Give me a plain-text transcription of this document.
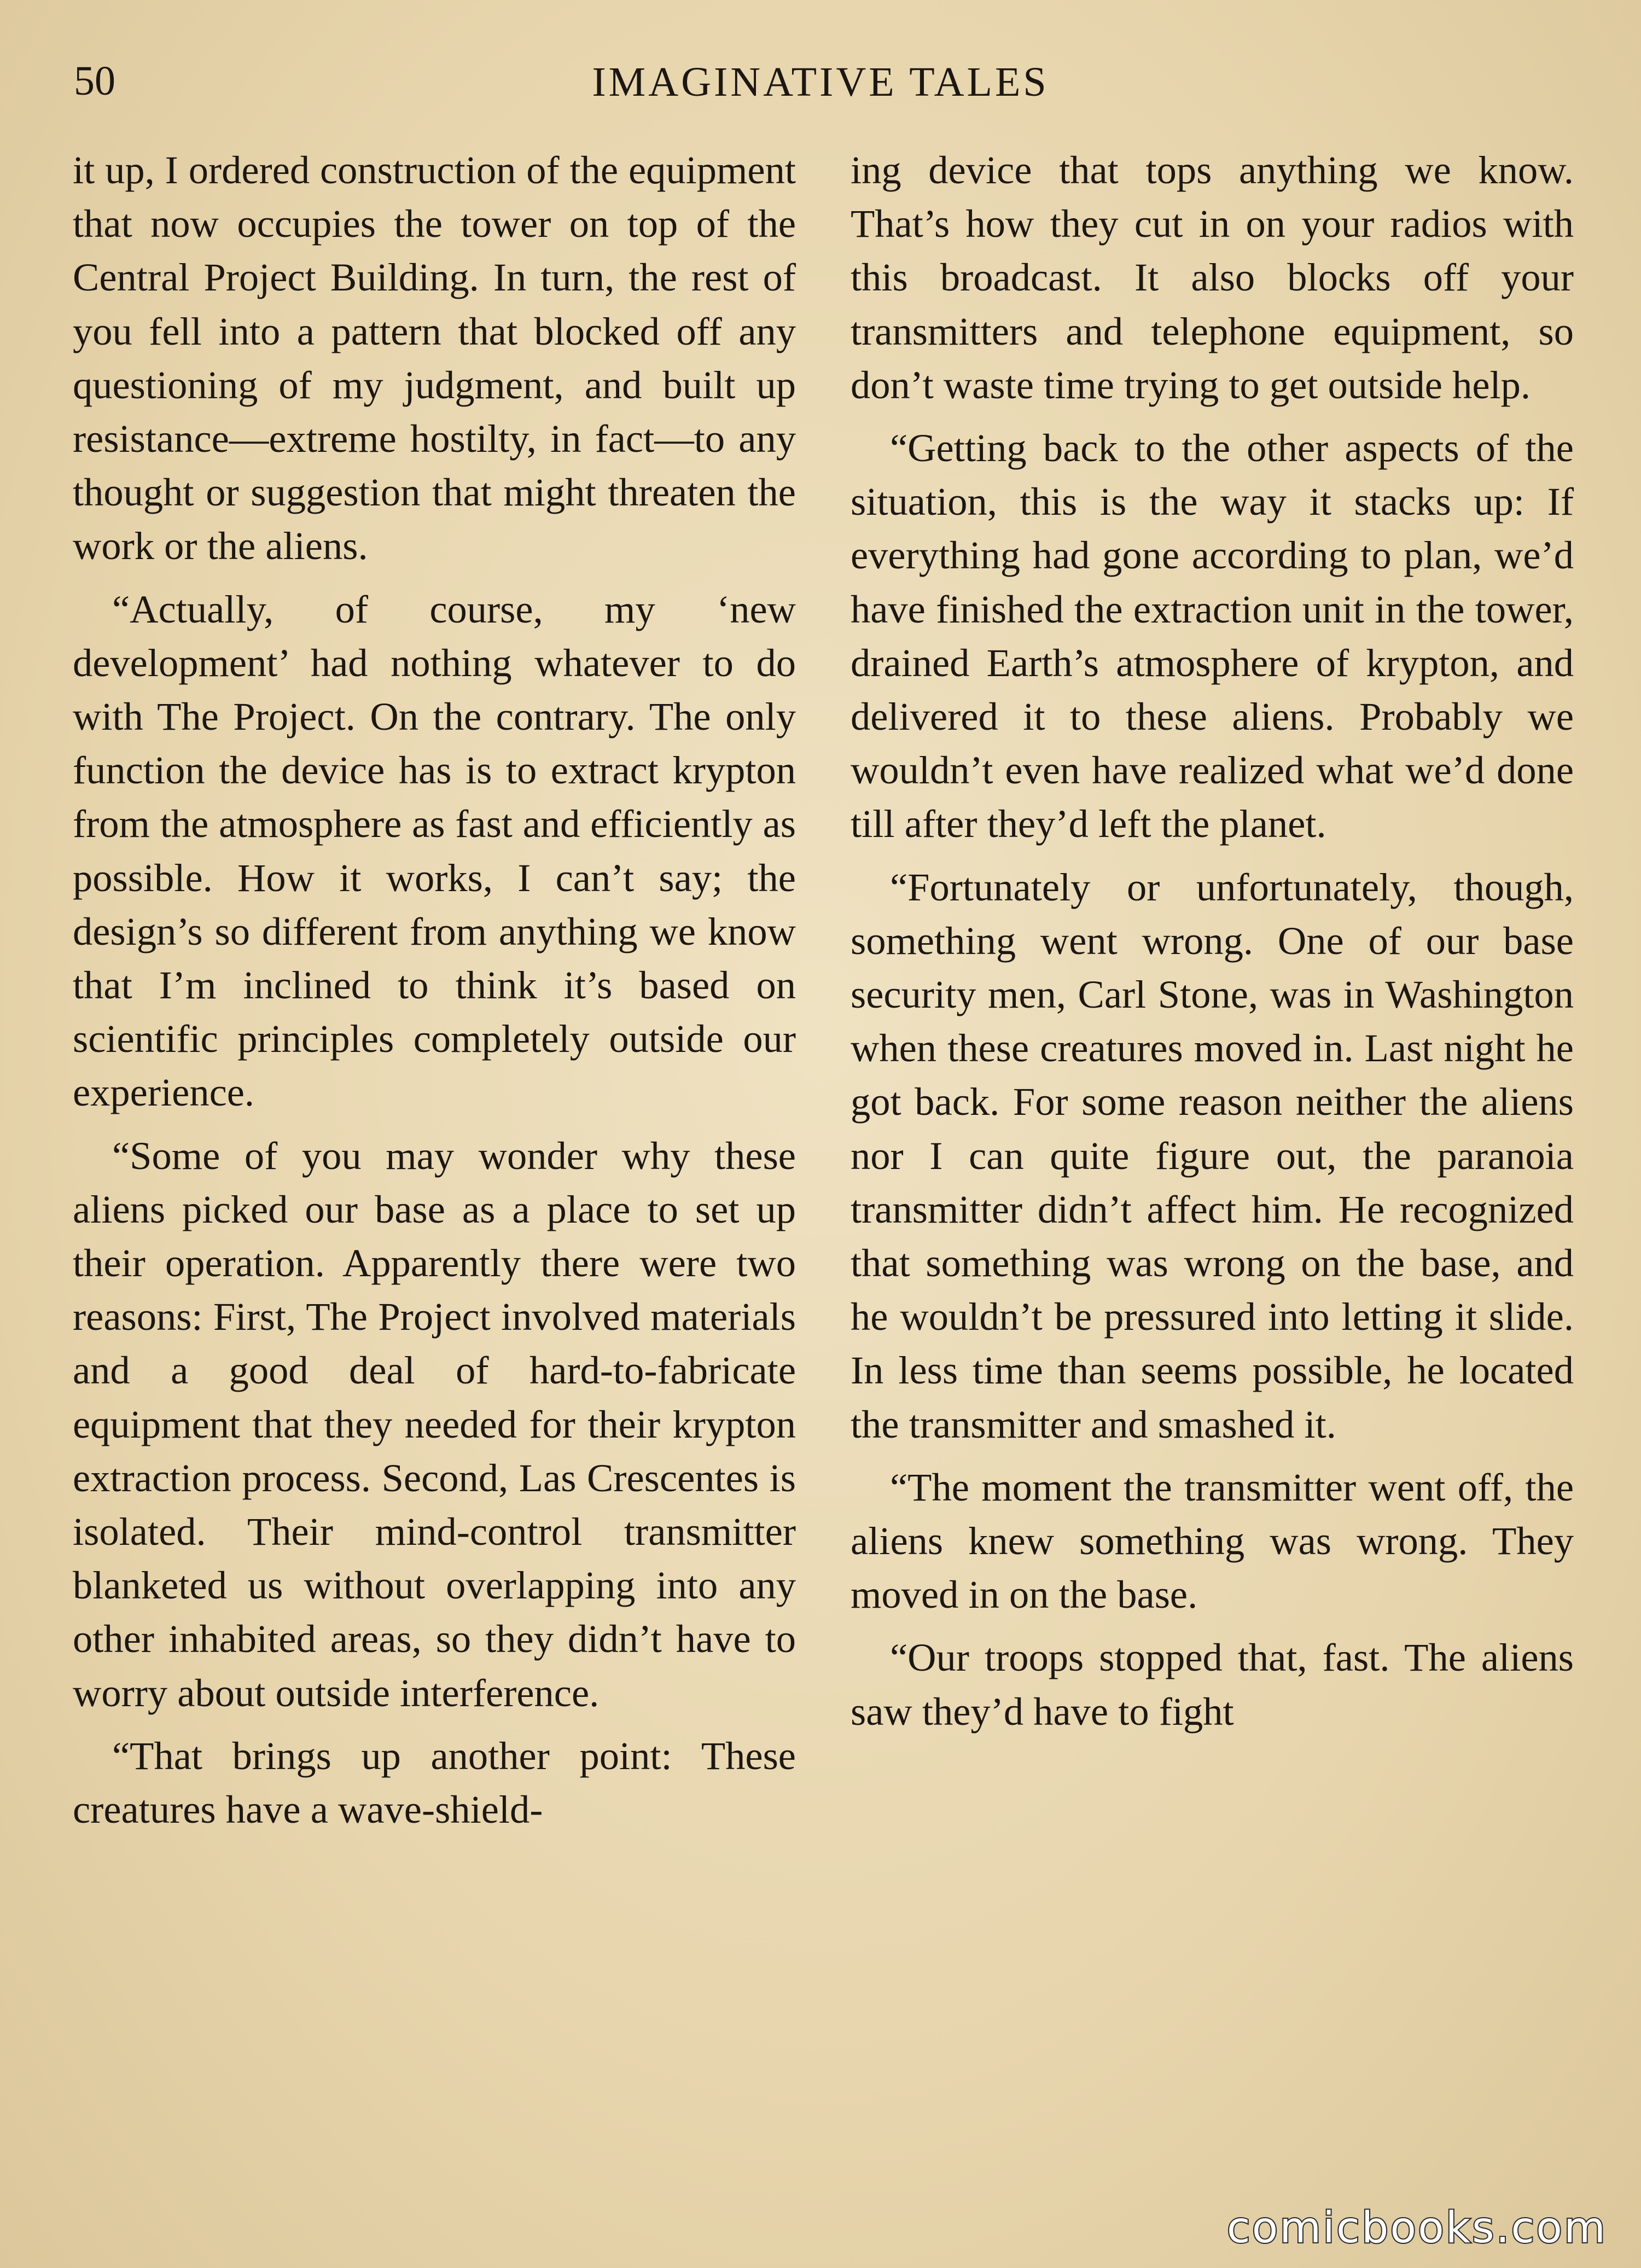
50	IMAGINATIVE TALES

it up, I ordered construction of the equipment that now occupies the tower on top of the Central Project Building. In turn, the rest of you fell into a pattern that blocked off any questioning of my judgment, and built up resistance—extreme hostilty, in fact—to any thought or suggestion that might threaten the work or the aliens.

“Actually, of course, my ‘new development’ had nothing whatever to do with The Project. On the contrary. The only function the device has is to extract krypton from the atmosphere as fast and efficiently as possible. How it works, I can’t say; the design’s so different from anything we know that I’m inclined to think it’s based on scientific principles completely outside our experience.

“Some of you may wonder why these aliens picked our base as a place to set up their operation. Apparently there were two reasons: First, The Project involved materials and a good deal of hard-to-fabricate equipment that they needed for their krypton extraction process. Second, Las Crescentes is isolated. Their mind-control transmitter blanketed us without overlapping into any other inhabited areas, so they didn’t have to worry about outside interference.

“That brings up another point: These creatures have a wave-shield-

ing device that tops anything we know. That’s how they cut in on your radios with this broadcast. It also blocks off your transmitters and telephone equipment, so don’t waste time trying to get outside help.

“Getting back to the other aspects of the situation, this is the way it stacks up: If everything had gone according to plan, we’d have finished the extraction unit in the tower, drained Earth’s atmosphere of krypton, and delivered it to these aliens. Probably we wouldn’t even have realized what we’d done till after they’d left the planet.

“Fortunately or unfortunately, though, something went wrong. One of our base security men, Carl Stone, was in Washington when these creatures moved in. Last night he got back. For some reason neither the aliens nor I can quite figure out, the paranoia transmitter didn’t affect him. He recognized that something was wrong on the base, and he wouldn’t be pressured into letting it slide. In less time than seems possible, he located the transmitter and smashed it.

“The moment the transmitter went off, the aliens knew something was wrong. They moved in on the base.

“Our troops stopped that, fast. The aliens saw they’d have to fight

comicbooks.com
